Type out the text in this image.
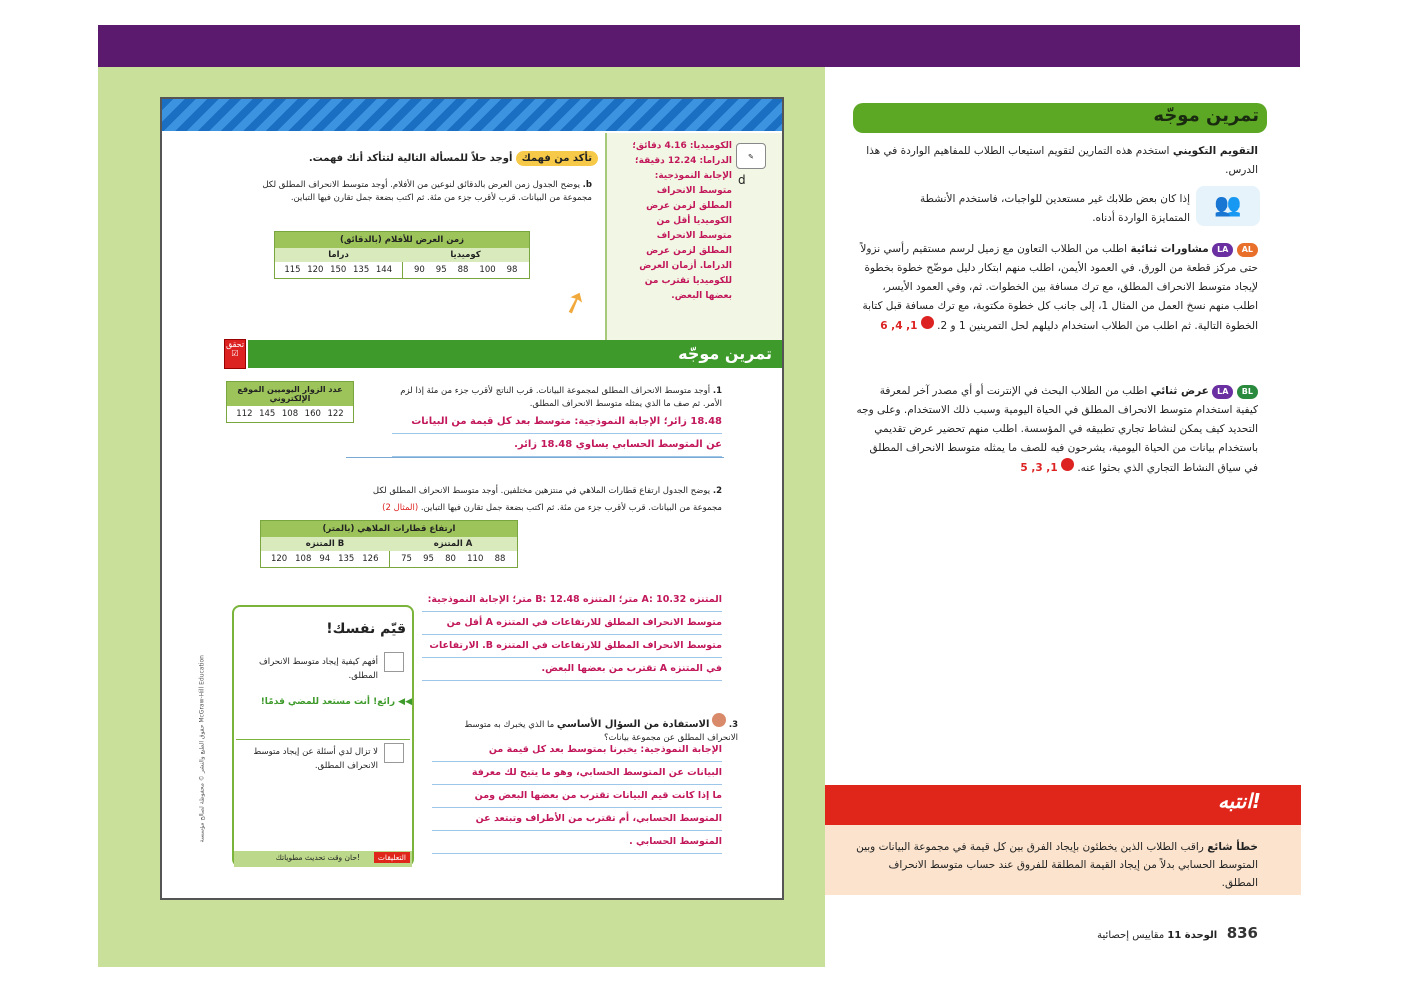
تأكد من فهمك أوجد حلاً للمسألة التالية لتتأكد أنك فهمت.
b. يوضح الجدول زمن العرض بالدقائق لنوعين من الأفلام. أوجد متوسط الانحراف المطلق لكل مجموعة من البيانات. قرب لأقرب جزء من مئة. ثم اكتب بضعة جمل تقارن فيها التباين.
زمن العرض للأفلام (بالدقائق)
دراما	كوميديا
115 120 150 135 144	90 95 88 100 98
➚
الكوميديا: 4.16 دقائق؛
الدراما: 12.24 دقيقة؛
الإجابة النموذجية:
متوسط الانحراف
المطلق لزمن عرض
الكوميديا أقل من
متوسط الانحراف
المطلق لزمن عرض
الدراما. أزمان العرض
للكوميديا تقترب من
بعضها البعض.
✎
d
تحقق
☑	تمرين موجّه
1. أوجد متوسط الانحراف المطلق لمجموعة البيانات. قرب الناتج لأقرب جزء من مئة إذا لزم الأمر. ثم صف ما الذي يمثله متوسط الانحراف المطلق.
18.48 زائر؛ الإجابة النموذجية: متوسط بعد كل قيمة من البيانات
عن المتوسط الحسابي يساوي 18.48 زائر.
عدد الزوار اليوميين الموقع الإلكتروني
112 145 108 160 122
2. يوضح الجدول ارتفاع قطارات الملاهي في منتزهين مختلفين. أوجد متوسط الانحراف المطلق لكل مجموعة من البيانات. قرب لأقرب جزء من مئة. ثم اكتب بضعة جمل تقارن فيها التباين. (المثال 2)
ارتفاع قطارات الملاهي (بالمتر)
المتنزه B	المتنزه A
120 108 94 135 126	75 95 80 110 88
المتنزه A: 10.32 متر؛ المتنزه B: 12.48 متر؛ الإجابة النموذجية:
متوسط الانحراف المطلق للارتفاعات في المتنزه A أقل من
متوسط الانحراف المطلق للارتفاعات في المتنزه B. الارتفاعات
في المتنزه A تقترب من بعضها البعض.
3.  الاستفادة من السؤال الأساسي ما الذي يخبرك به متوسط الانحراف المطلق عن مجموعة بيانات؟
الإجابة النموذجية: يخبرنا بمتوسط بعد كل قيمة من
البيانات عن المتوسط الحسابي، وهو ما يتيح لك معرفة
ما إذا كانت قيم البيانات تقترب من بعضها البعض ومن
المتوسط الحسابي، أم تقترب من الأطراف وتبتعد عن
المتوسط الحسابي .
قيّم نفسك!
أفهم كيفية إيجاد متوسط الانحراف المطلق.
◀◀ رائع! أنت مستعد للمضي قدمًا!
لا تزال لدي أسئلة عن إيجاد متوسط الانحراف المطلق.
التعليقات
حان وقت تحديث مطوياتك!
حقوق الطبع والنشر © محفوظة لصالح مؤسسة McGraw-Hill Education
تمرين موجّه
التقويم التكويني استخدم هذه التمارين لتقويم استيعاب الطلاب للمفاهيم الواردة في هذا الدرس.
👥
إذا كان بعض طلابك غير مستعدين للواجبات، فاستخدم الأنشطة المتمايزة الواردة أدناه.
AL LA مشاورات ثنائية اطلب من الطلاب التعاون مع زميل لرسم مستقيم رأسي نزولاً حتى مركز قطعة من الورق. في العمود الأيمن، اطلب منهم ابتكار دليل موضّح خطوة بخطوة لإيجاد متوسط الانحراف المطلق، مع ترك مسافة بين الخطوات. ثم، وفي العمود الأيسر، اطلب منهم نسخ العمل من المثال 1، إلى جانب كل خطوة مكتوبة، مع ترك مسافة قبل كتابة الخطوة التالية. ثم اطلب من الطلاب استخدام دليلهم لحل التمرينين 1 و 2.  1, 4, 6
BL LA عرض ثنائي اطلب من الطلاب البحث في الإنترنت أو أي مصدر آخر لمعرفة كيفية استخدام متوسط الانحراف المطلق في الحياة اليومية وسبب ذلك الاستخدام. وعلى وجه التحديد كيف يمكن لنشاط تجاري تطبيقه في المؤسسة. اطلب منهم تحضير عرض تقديمي باستخدام بيانات من الحياة اليومية، يشرحون فيه للصف ما يمثله متوسط الانحراف المطلق في سياق النشاط التجاري الذي بحثوا عنه.  1, 3, 5
انتبه!
خطأ شائع راقب الطلاب الذين يخطئون بإيجاد الفرق بين كل قيمة في مجموعة البيانات وبين المتوسط الحسابي بدلاً من إيجاد القيمة المطلقة للفروق عند حساب متوسط الانحراف المطلق.
836   الوحدة 11 مقاييس إحصائية
